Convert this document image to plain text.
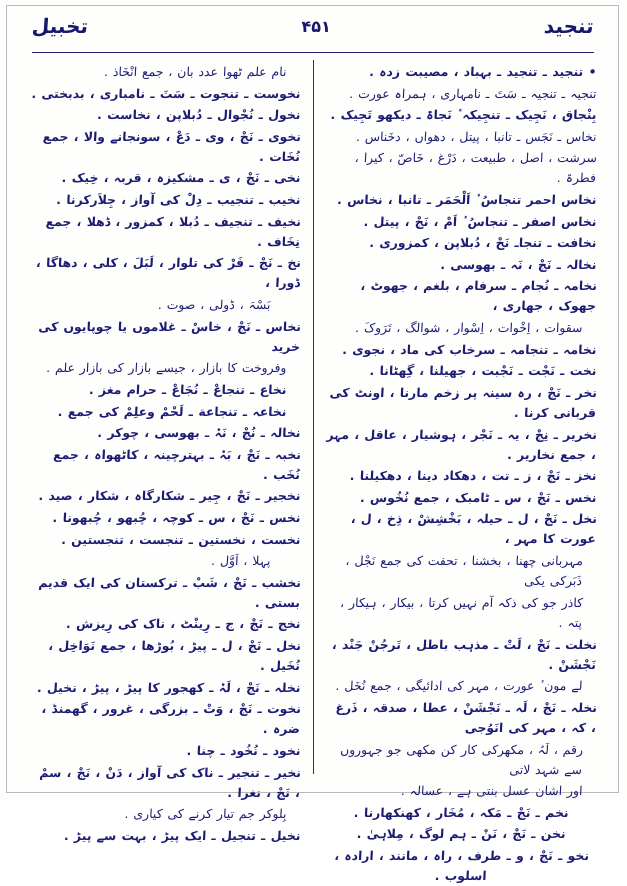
تنجید
۴۵۱
تخبیل
• تنجید ـ تنجید ـ بہباد ، مصیبت زدہ .
تنجیہ ـ تنجیہ ـ سَتَ ـ نامہاری ، ہمراہ عورت .
بِنْجاق ، نَجِیک ـ تنجِیکہ ٔ نَجاۃ ـ دیکھو تَجِیک .
نخاس ـ نَجَس ـ تانبا ، پیتل ، دھواں ، دخَناس .
سرشت ، اصل ، طبیعت ، دَرْغ ، خَاصّ ، کیرا ، فطرۃ .
نخاس احمر تنجاسُ ٔ اَلْحَمَر ـ تانبا ، نخاس .
نخاس اصفر ـ تنجاسُ ٔ اَمْ ، نَجْ ، پیتل .
نخافت ـ تنجاـ نَحْ ، دُبلاپن ، کمزوری .
نخالہ ـ نَجْ ، نَہ ـ بھوسی .
نخامہ ـ نُجام ـ سرفام ، بلغم ، جھوٹ ، جھوک ، جھاری ،
سقوات ، اِخْوات ، اِسْوار ، شوالگ ، تَرَوکَ .
نخامہ ـ تنجامہ ـ سرخاب کی ماد ، نجوی .
نخت ـ نَجْت ـ نَجْبت ، جھیلنا ، گِھٹانا .
نخر ـ نَجْ ، رہ سینہ پر زخم مارنا ، اونٹ کی قربانی کرنا .
نخریر ـ نِجْ ، یہ ـ نَجْر ، ہوشیار ، عاقل ، مہر ، جمع نخاریر .
نخز ـ نَجْ ، ز ـ تت ، دھکاد دینا ، دھکیلنا .
نخس ـ نَجْ ، س ـ ٹامبک ، جمع نُخُوس .
نخل ـ نَجْ ، ل ـ حیلہ ، بَخْشِشْ ، ذِخ ، ل ، عورت کا مہر ،
مہربانی چھنا ، بخشنا ، تحفت کی جمع نَجْل ، ذَبَرکی یکی
کاذر جو کی ذکہ آم نہیں کرتا ، بیکار ، ہیکار ، پتہ .
نخلت ـ نَجْ ، لَتْ ـ مذہب باطل ، تَرجُنْ جَنْد ، نَجْشَنْ .
لے مون ٔ عورت ، مہر کی ادائیگی ، جمع نُخَل .
نخلہ ـ نَجْ ، لَہ ـ نَجْشَنْ ، عطا ، صدقہ ، ذَرغ ، کہ ، مہر کی انَوُجی
رقم ، لَہُ ، مکھرکی کار کن مکھی جو جہوروں سے شہد لاتی
اور اشان عسل بنتی ہے ، عسالہ .
نخم ـ نَجْ ـ مَکہ ، مُخَار ، کھنکھارنا .
نخن ـ نَجْ ، نَنْ ـ ہم لوگ ، مِلاہیٰ .
نخو ـ نَجْ ، و ـ طرف ، راہ ، مانند ، ارادہ ، اسلوب .
نام علم ٹھوا عدد بان ، جمع انْخَاذ .
نخوست ـ تنجوت ـ سَتَ ـ نامباری ، بدبختی .
نخول ـ نُجْوال ـ دُبلاپن ، نخاست .
نخوی ـ نَجْ ، وی ـ دَعْ ، سونجانے والا ، جمع نُخَات .
نخی ـ نَجْ ، ی ـ مشکیزہ ، قربہ ، خِیک .
نخیب ـ تنجیب ـ دِلْ کی آواز ، جِلاَرکرنا .
نخیف ـ تنجیف ـ دُبلا ، کمزور ، ڈھلا ، جمع نِخَاف .
نخ ـ نَجْ ـ فَرْ کی تلوار ، لَبَلَ ، کلی ، دھاگا ، ڈورا ،
بَسْہَ ، ڈولی ، صوت .
نخاس ـ نَجْ ، خاسْ ـ غلاموں یا چوپایوں کی خرید
وفروخت کا بازار ، جیسے بازار کی بازار علم .
نخاع ـ تنجاعْ ـ نُجَاعْ ـ حرام مغز .
نخاعہ ـ تنجاعة ـ لَحْمْ وعلِمْ کی جمع .
نخالہ ـ نُجْ ، نَہْ ـ بھوسی ، چوکر .
نخبہ ـ نَجْ ، بَہْ ـ بہترچینہ ، کاٹھواہ ، جمع نُخَب .
نخجیر ـ نَجْ ، جِیر ـ شکارگاہ ، شکار ، صید .
نخس ـ نَجْ ، س ـ کوچہ ، چُبھو ، چُبھونا .
نخست ، نخستین ـ تنجست ، تنجستین .
پہلا ، اَوَّل .
نخشب ـ نَجْ ، شَبْ ـ ترکستان کی ایک قدیم بستی .
نخج ـ نَجْ ، ج ـ رِینْٹ ، ناک کی رِیزش .
نخل ـ نَجْ ، ل ـ پیڑ ، بُوڑھا ، جمع نَوَاخِل ، نُخَیل .
نخلہ ـ نَجْ ، لَہْ ـ کھجور کا پیڑ ، پیڑ ، نخیل .
نخوت ـ نَجْ ، وَتْ ـ بزرگی ، غرور ، گھمنڈ ، ضرہ .
نخود ـ نُخُود ـ چنا .
نخیر ـ تنجیر ـ ناک کی آواز ، دَنْ ، نَجْ ، سمْ ، نَجْ ، نغرا .
بِلوکر جم تیار کرنے کی کیاری .
نخیل ـ تنجیل ـ ایک پیڑ ، بہت سے پیڑ .
